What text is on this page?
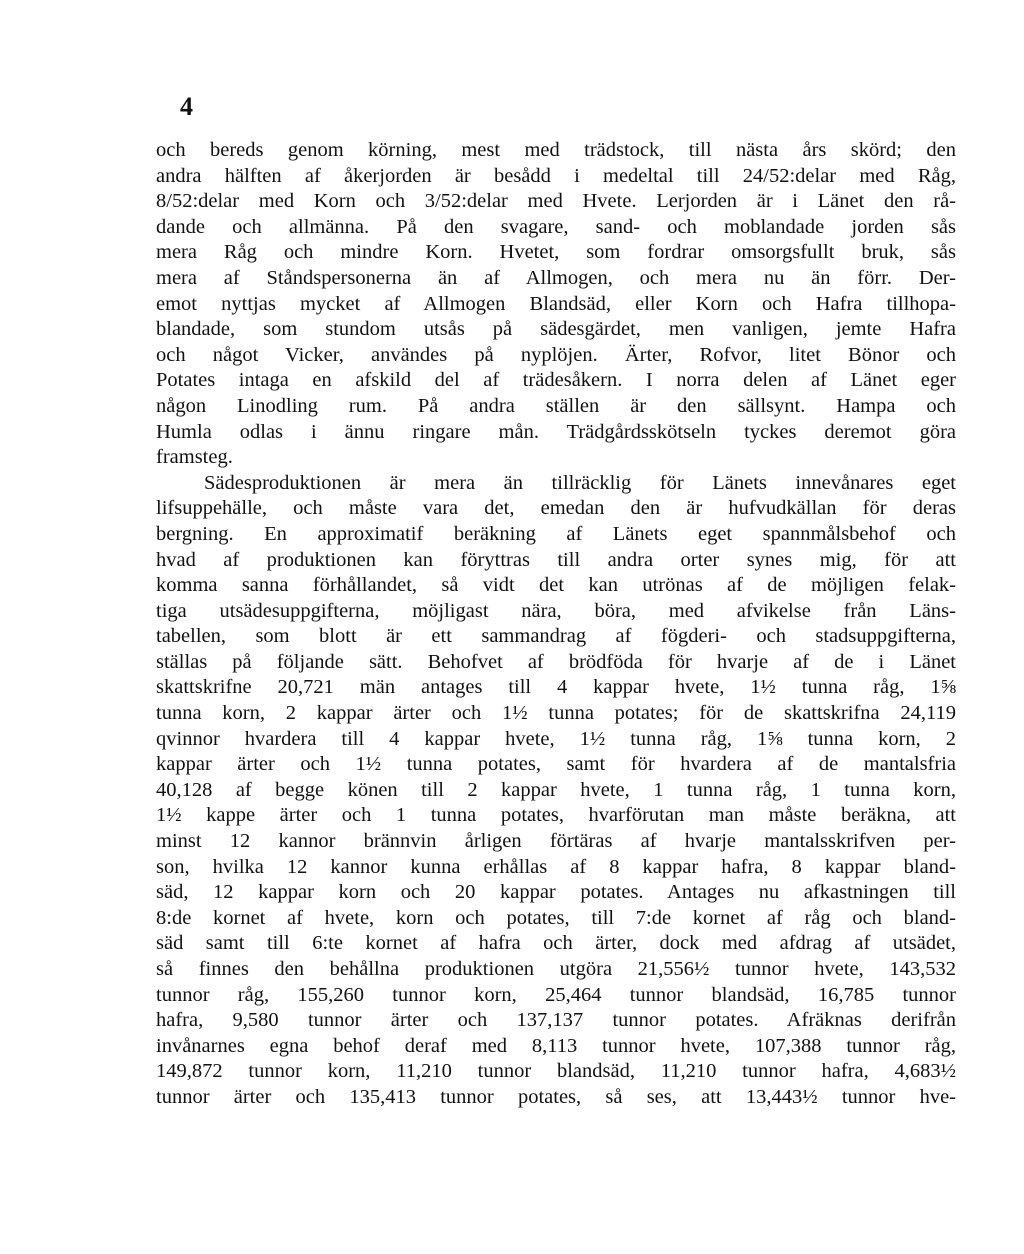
4
och bereds genom körning, mest med trädstock, till nästa års skörd; den
andra hälften af åkerjorden är besådd i medeltal till 24/52:delar med Råg,
8/52:delar med Korn och 3/52:delar med Hvete. Lerjorden är i Länet den rå-
dande och allmänna. På den svagare, sand- och moblandade jorden sås
mera Råg och mindre Korn. Hvetet, som fordrar omsorgsfullt bruk, sås
mera af Ståndspersonerna än af Allmogen, och mera nu än förr. Der-
emot nyttjas mycket af Allmogen Blandsäd, eller Korn och Hafra tillhopa-
blandade, som stundom utsås på sädesgärdet, men vanligen, jemte Hafra
och något Vicker, användes på nyplöjen. Ärter, Rofvor, litet Bönor och
Potates intaga en afskild del af trädesåkern. I norra delen af Länet eger
någon Linodling rum. På andra ställen är den sällsynt. Hampa och
Humla odlas i ännu ringare mån. Trädgårdsskötseln tyckes deremot göra
framsteg.
Sädesproduktionen är mera än tillräcklig för Länets innevånares eget
lifsuppehälle, och måste vara det, emedan den är hufvudkällan för deras
bergning. En approximatif beräkning af Länets eget spannmålsbehof och
hvad af produktionen kan föryttras till andra orter synes mig, för att
komma sanna förhållandet, så vidt det kan utrönas af de möjligen felak-
tiga utsädesuppgifterna, möjligast nära, böra, med afvikelse från Läns-
tabellen, som blott är ett sammandrag af fögderi- och stadsuppgifterna,
ställas på följande sätt. Behofvet af brödföda för hvarje af de i Länet
skattskrifne 20,721 män antages till 4 kappar hvete, 1½ tunna råg, 1⅝
tunna korn, 2 kappar ärter och 1½ tunna potates; för de skattskrifna 24,119
qvinnor hvardera till 4 kappar hvete, 1½ tunna råg, 1⅝ tunna korn, 2
kappar ärter och 1½ tunna potates, samt för hvardera af de mantalsfria
40,128 af begge könen till 2 kappar hvete, 1 tunna råg, 1 tunna korn,
1½ kappe ärter och 1 tunna potates, hvarförutan man måste beräkna, att
minst 12 kannor brännvin årligen förtäras af hvarje mantalsskrifven per-
son, hvilka 12 kannor kunna erhållas af 8 kappar hafra, 8 kappar bland-
säd, 12 kappar korn och 20 kappar potates. Antages nu afkastningen till
8:de kornet af hvete, korn och potates, till 7:de kornet af råg och bland-
säd samt till 6:te kornet af hafra och ärter, dock med afdrag af utsädet,
så finnes den behållna produktionen utgöra 21,556½ tunnor hvete, 143,532
tunnor råg, 155,260 tunnor korn, 25,464 tunnor blandsäd, 16,785 tunnor
hafra, 9,580 tunnor ärter och 137,137 tunnor potates. Afräknas derifrån
invånarnes egna behof deraf med 8,113 tunnor hvete, 107,388 tunnor råg,
149,872 tunnor korn, 11,210 tunnor blandsäd, 11,210 tunnor hafra, 4,683½
tunnor ärter och 135,413 tunnor potates, så ses, att 13,443½ tunnor hve-
